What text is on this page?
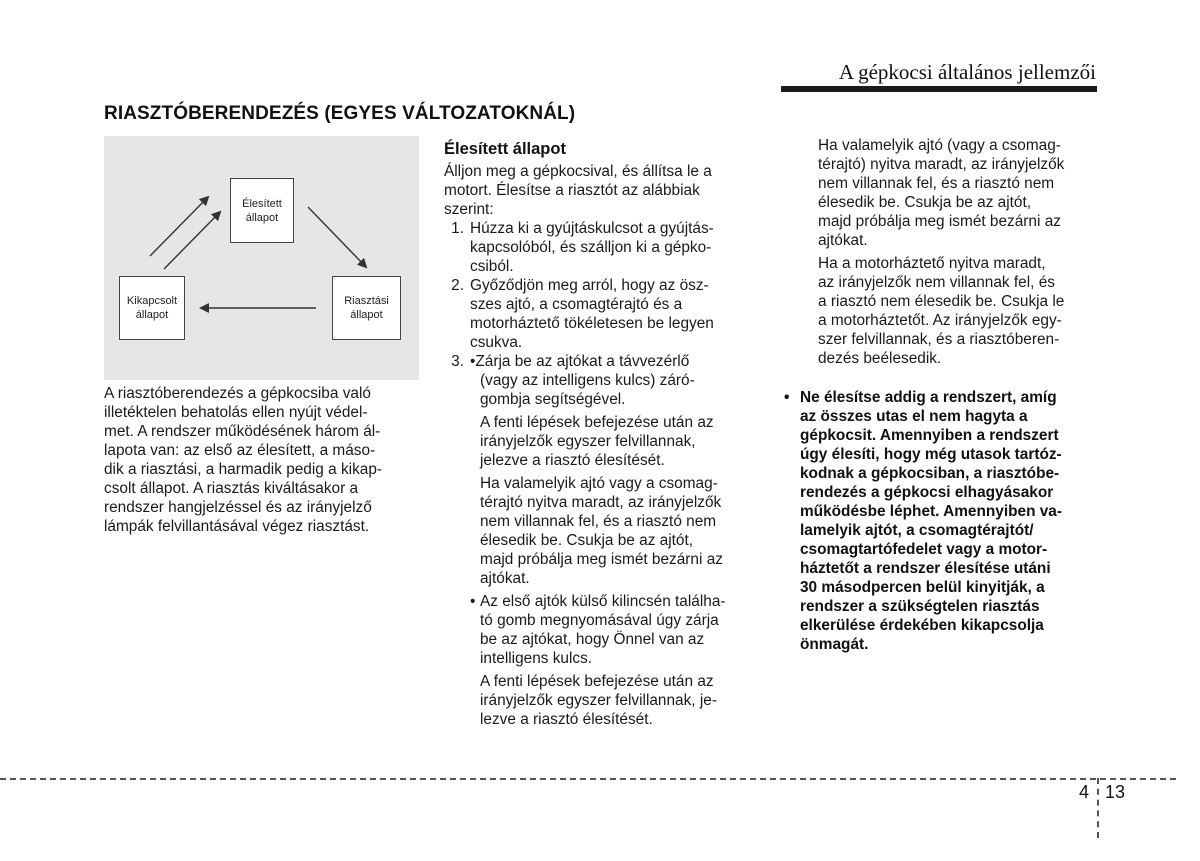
A gépkocsi általános jellemzői
RIASZTÓBERENDEZÉS (EGYES VÁLTOZATOKNÁL)
Élesített
állapot
Kikapcsolt
állapot
Riasztási
állapot

A riasztóberendezés a gépkocsiba való

illetéktelen behatolás ellen nyújt védel-

met. A rendszer működésének három ál-

lapota van: az első az élesített, a máso-

dik a riasztási, a harmadik pedig a kikap-

csolt állapot. A riasztás kiváltásakor a

rendszer hangjelzéssel és az irányjelző

lámpák felvillantásával végez riasztást.

Élesített állapot

Álljon meg a gépkocsival, és állítsa le a

motort. Élesítse a riasztót az alábbiak

szerint:

1. Húzza ki a gyújtáskulcsot a gyújtás-

kapcsolóból, és szálljon ki a gépko-

csiból.

2. Győződjön meg arról, hogy az ösz-

szes ajtó, a csomagtérajtó és a

motorháztető tökéletesen be legyen

csukva.

3. •Zárja be az ajtókat a távvezérlő

(vagy az intelligens kulcs) záró-

gombja segítségével.

A fenti lépések befejezése után az

irányjelzők egyszer felvillannak,

jelezve a riasztó élesítését.

Ha valamelyik ajtó vagy a csomag-

térajtó nyitva maradt, az irányjelzők

nem villannak fel, és a riasztó nem

élesedik be. Csukja be az ajtót,

majd próbálja meg ismét bezárni az

ajtókat.

• Az első ajtók külső kilincsén találha-

tó gomb megnyomásával úgy zárja

be az ajtókat, hogy Önnel van az

intelligens kulcs.

A fenti lépések befejezése után az

irányjelzők egyszer felvillannak, je-

lezve a riasztó élesítését.

Ha valamelyik ajtó (vagy a csomag-

térajtó) nyitva maradt, az irányjelzők

nem villannak fel, és a riasztó nem

élesedik be. Csukja be az ajtót,

majd próbálja meg ismét bezárni az

ajtókat.

Ha a motorháztető nyitva maradt,

az irányjelzők nem villannak fel, és

a riasztó nem élesedik be. Csukja le

a motorháztetőt. Az irányjelzők egy-

szer felvillannak, és a riasztóberen-

dezés beélesedik.

• Ne élesítse addig a rendszert, amíg

az összes utas el nem hagyta a

gépkocsit. Amennyiben a rendszert

úgy élesíti, hogy még utasok tartóz-

kodnak a gépkocsiban, a riasztóbe-

rendezés a gépkocsi elhagyásakor

működésbe léphet. Amennyiben va-

lamelyik ajtót, a csomagtérajtót/

csomagtartófedelet vagy a motor-

háztetőt a rendszer élesítése utáni

30 másodpercen belül kinyitják, a

rendszer a szükségtelen riasztás

elkerülése érdekében kikapcsolja

önmagát.

4 13
